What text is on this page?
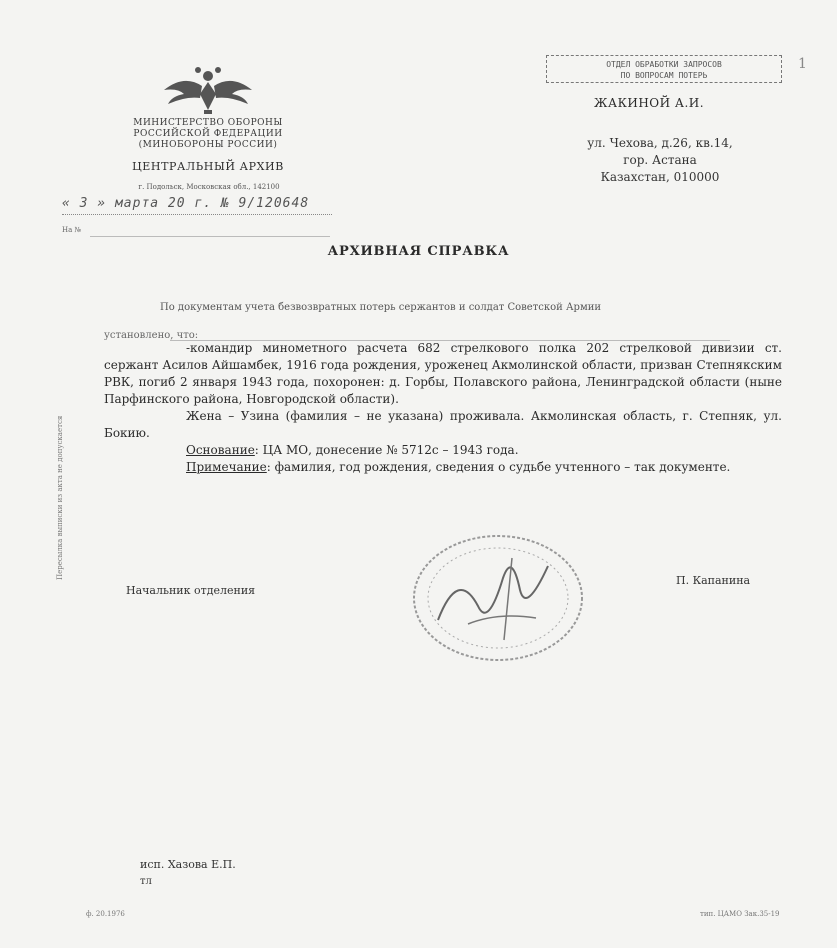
МИНИСТЕРСТВО ОБОРОНЫ
РОССИЙСКОЙ ФЕДЕРАЦИИ
(МИНОБОРОНЫ РОССИИ)
ЦЕНТРАЛЬНЫЙ АРХИВ
г. Подольск, Московская обл., 142100
« 3 » марта 20 г. № 9/120648
На №
ОТДЕЛ ОБРАБОТКИ ЗАПРОСОВ
ПО ВОПРОСАМ ПОТЕРЬ
1
ЖАКИНОЙ А.И.
ул. Чехова, д.26, кв.14,
гор. Астана
Казахстан, 010000
АРХИВНАЯ СПРАВКА
По документам учета безвозвратных потерь сержантов и солдат Советской Армии
установлено, что:

-командир минометного расчета 682 стрелкового полка 202 стрелковой дивизии ст. сержант Асилов Айшамбек, 1916 года рождения, уроженец Акмолинской области, призван Степнякским РВК, погиб 2 января 1943 года, похоронен: д. Горбы, Полавского района, Ленинградской области (ныне Парфинского района, Новгородской области).

Жена – Узина (фамилия – не указана) проживала. Акмолинская область, г. Степняк, ул. Бокию.

Основание: ЦА МО, донесение № 5712с – 1943 года.

Примечание: фамилия, год рождения, сведения о судьбе учтенного – так документе.

Пересылка выписки из акта не допускается
Начальник отделения
П. Капанина
исп. Хазова Е.П.
тл
ф. 20.1976	тип. ЦАМО Зак.35-19
